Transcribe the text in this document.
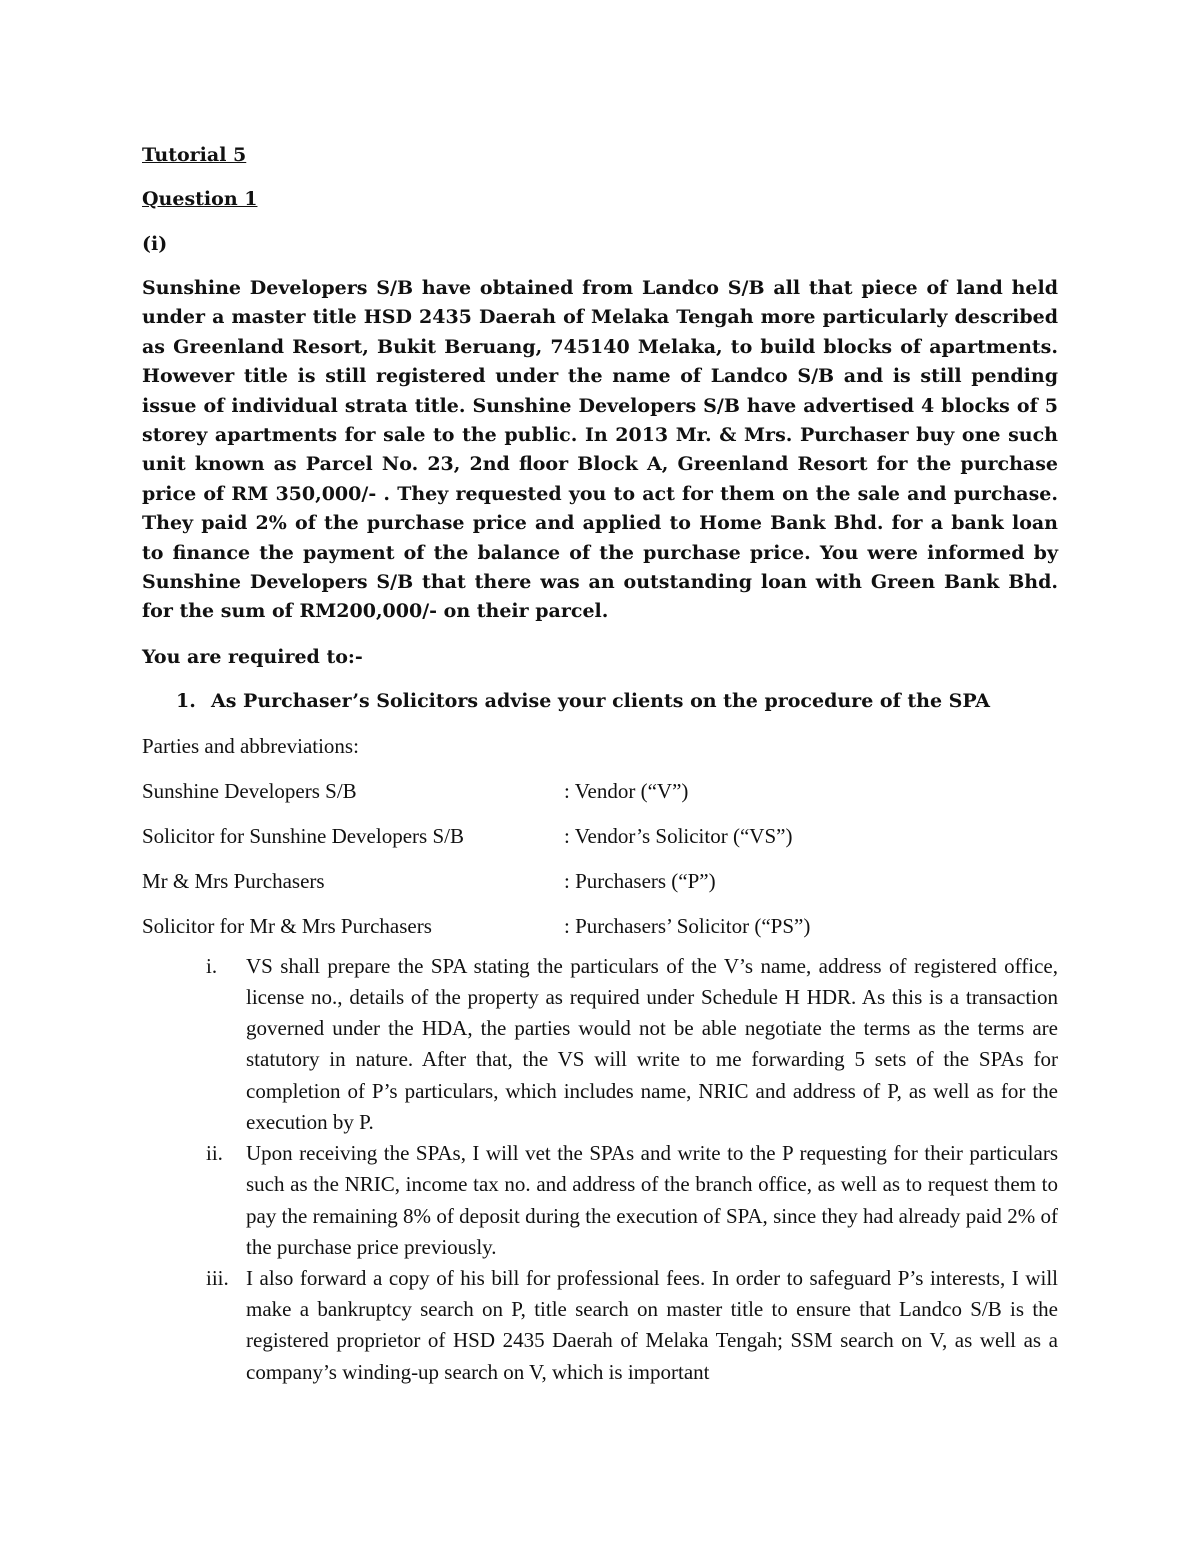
Tutorial 5

Question 1

(i)

Sunshine Developers S/B have obtained from Landco S/B all that piece of land held under a master title HSD 2435 Daerah of Melaka Tengah more particularly described as Greenland Resort, Bukit Beruang, 745140 Melaka, to build blocks of apartments. However title is still registered under the name of Landco S/B and is still pending issue of individual strata title. Sunshine Developers S/B have advertised 4 blocks of 5 storey apartments for sale to the public. In 2013 Mr. & Mrs. Purchaser buy one such unit known as Parcel No. 23, 2nd floor Block A, Greenland Resort for the purchase price of RM 350,000/- . They requested you to act for them on the sale and purchase. They paid 2% of the purchase price and applied to Home Bank Bhd. for a bank loan to finance the payment of the balance of the purchase price. You were informed by Sunshine Developers S/B that there was an outstanding loan with Green Bank Bhd. for the sum of RM200,000/- on their parcel.

You are required to:-

1. As Purchaser’s Solicitors advise your clients on the procedure of the SPA

Parties and abbreviations:

Sunshine Developers S/B	: Vendor (“V”)
Solicitor for Sunshine Developers S/B	: Vendor’s Solicitor (“VS”)
Mr & Mrs Purchasers	: Purchasers (“P”)
Solicitor for Mr & Mrs Purchasers	: Purchasers’ Solicitor (“PS”)
i.	VS shall prepare the SPA stating the particulars of the V’s name, address of registered office, license no., details of the property as required under Schedule H HDR. As this is a transaction governed under the HDA, the parties would not be able negotiate the terms as the terms are statutory in nature. After that, the VS will write to me forwarding 5 sets of the SPAs for completion of P’s particulars, which includes name, NRIC and address of P, as well as for the execution by P.
ii.	Upon receiving the SPAs, I will vet the SPAs and write to the P requesting for their particulars such as the NRIC, income tax no. and address of the branch office, as well as to request them to pay the remaining 8% of deposit during the execution of SPA, since they had already paid 2% of the purchase price previously.
iii. I also forward a copy of his bill for professional fees. In order to safeguard P’s interests, I will make a bankruptcy search on P, title search on master title to ensure that Landco S/B is the registered proprietor of HSD 2435 Daerah of Melaka Tengah; SSM search on V, as well as a company’s winding-up search on V, which is important
